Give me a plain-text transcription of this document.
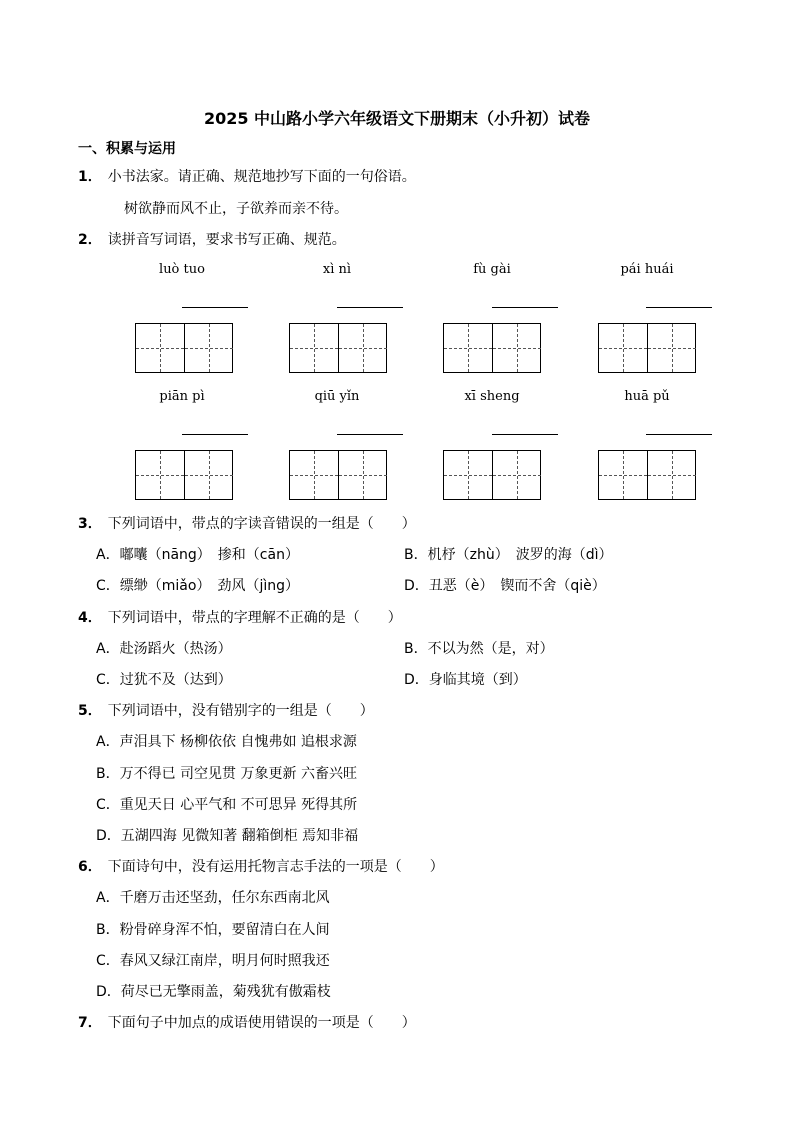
2025 中山路小学六年级语文下册期末（小升初）试卷
一、积累与运用
1． 小书法家。请正确、规范地抄写下面的一句俗语。
树欲静而风不止，子欲养而亲不待。
2． 读拼音写词语，要求书写正确、规范。
luò tuo	xì nì	fù gài	pái huái
piān pì	qiū yǐn	xī sheng	huā pǔ
3． 下列词语中，带点的字读音错误的一组是（　　）
A．嘟囔（nāng）　掺和（cān）	B．机杼（zhù）　波罗的海（dì）
C．缥缈（miǎo）　劲风（jìng）	D．丑恶（è）　锲而不舍（qiè）
4． 下列词语中，带点的字理解不正确的是（　　）
A．赴汤蹈火（热汤）	B．不以为然（是，对）
C．过犹不及（达到）	D．身临其境（到）
5． 下列词语中，没有错别字的一组是（　　）
A．声泪具下 杨柳依依 自愧弗如 追根求源
B．万不得已 司空见贯 万象更新 六畜兴旺
C．重见天日 心平气和 不可思异 死得其所
D．五湖四海 见微知著 翻箱倒柜 焉知非福
6． 下面诗句中，没有运用托物言志手法的一项是（　　）
A．千磨万击还坚劲，任尔东西南北风
B．粉骨碎身浑不怕，要留清白在人间
C．春风又绿江南岸，明月何时照我还
D．荷尽已无擎雨盖，菊残犹有傲霜枝
7． 下面句子中加点的成语使用错误的一项是（　　）
